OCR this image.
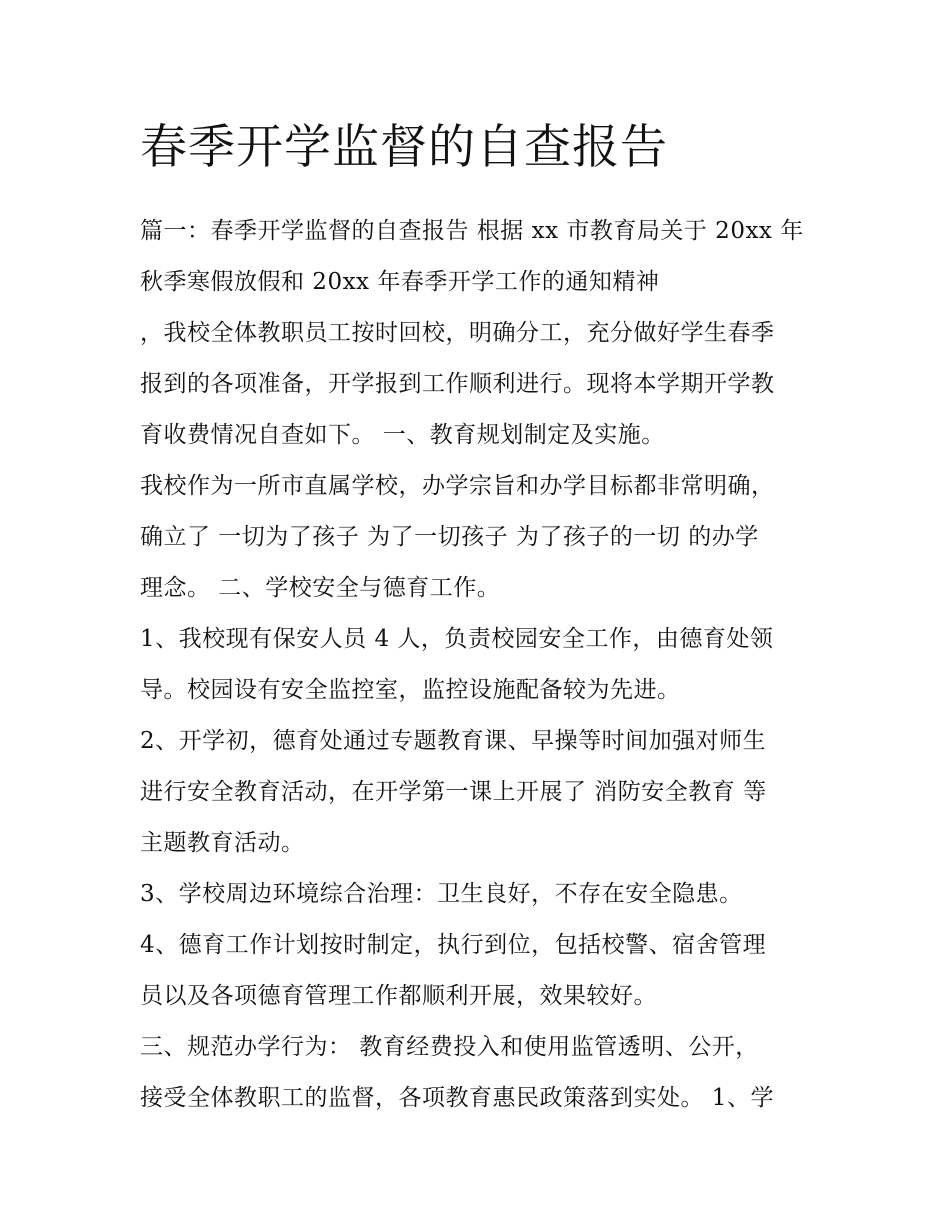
春季开学监督的自查报告
篇一：春季开学监督的自查报告 根据 xx 市教育局关于 20xx 年
秋季寒假放假和 20xx 年春季开学工作的通知精神
，我校全体教职员工按时回校，明确分工，充分做好学生春季
报到的各项准备，开学报到工作顺利进行。现将本学期开学教
育收费情况自查如下。 一、教育规划制定及实施。
我校作为一所市直属学校，办学宗旨和办学目标都非常明确，
确立了 一切为了孩子 为了一切孩子 为了孩子的一切 的办学
理念。 二、学校安全与德育工作。
1、我校现有保安人员 4 人，负责校园安全工作，由德育处领
导。校园设有安全监控室，监控设施配备较为先进。
2、开学初，德育处通过专题教育课、早操等时间加强对师生
进行安全教育活动，在开学第一课上开展了 消防安全教育 等
主题教育活动。
3、学校周边环境综合治理：卫生良好，不存在安全隐患。
4、德育工作计划按时制定，执行到位，包括校警、宿舍管理
员以及各项德育管理工作都顺利开展，效果较好。
三、规范办学行为： 教育经费投入和使用监管透明、公开，
接受全体教职工的监督，各项教育惠民政策落到实处。 1、学
